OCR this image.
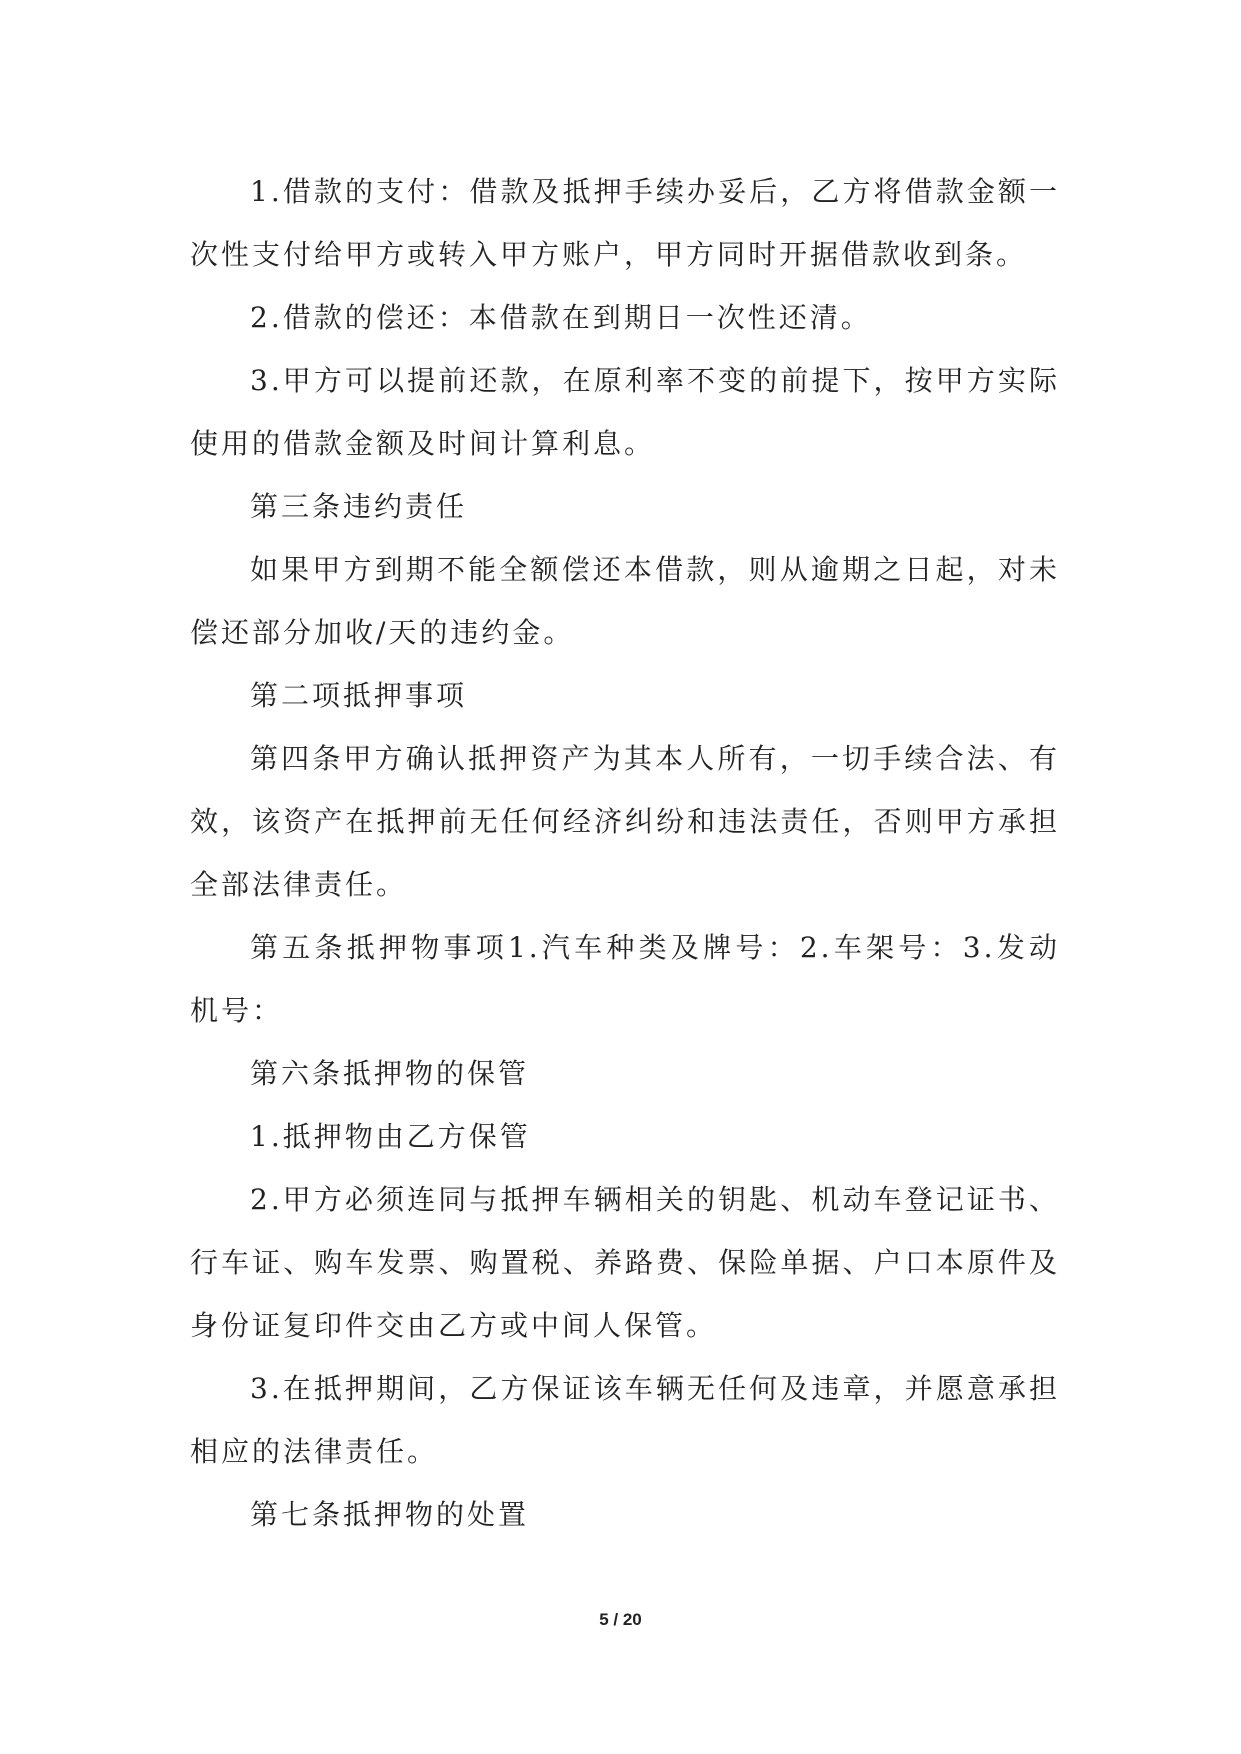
1.借款的支付：借款及抵押手续办妥后，乙方将借款金额一次性支付给甲方或转入甲方账户，甲方同时开据借款收到条。

2.借款的偿还：本借款在到期日一次性还清。

3.甲方可以提前还款，在原利率不变的前提下，按甲方实际使用的借款金额及时间计算利息。

第三条违约责任

如果甲方到期不能全额偿还本借款，则从逾期之日起，对未偿还部分加收/天的违约金。

第二项抵押事项

第四条甲方确认抵押资产为其本人所有，一切手续合法、有效，该资产在抵押前无任何经济纠纷和违法责任，否则甲方承担全部法律责任。

第五条抵押物事项1.汽车种类及牌号：2.车架号：3.发动机号：

第六条抵押物的保管

1.抵押物由乙方保管

2.甲方必须连同与抵押车辆相关的钥匙、机动车登记证书、行车证、购车发票、购置税、养路费、保险单据、户口本原件及身份证复印件交由乙方或中间人保管。

3.在抵押期间，乙方保证该车辆无任何及违章，并愿意承担相应的法律责任。

第七条抵押物的处置

5 / 20
